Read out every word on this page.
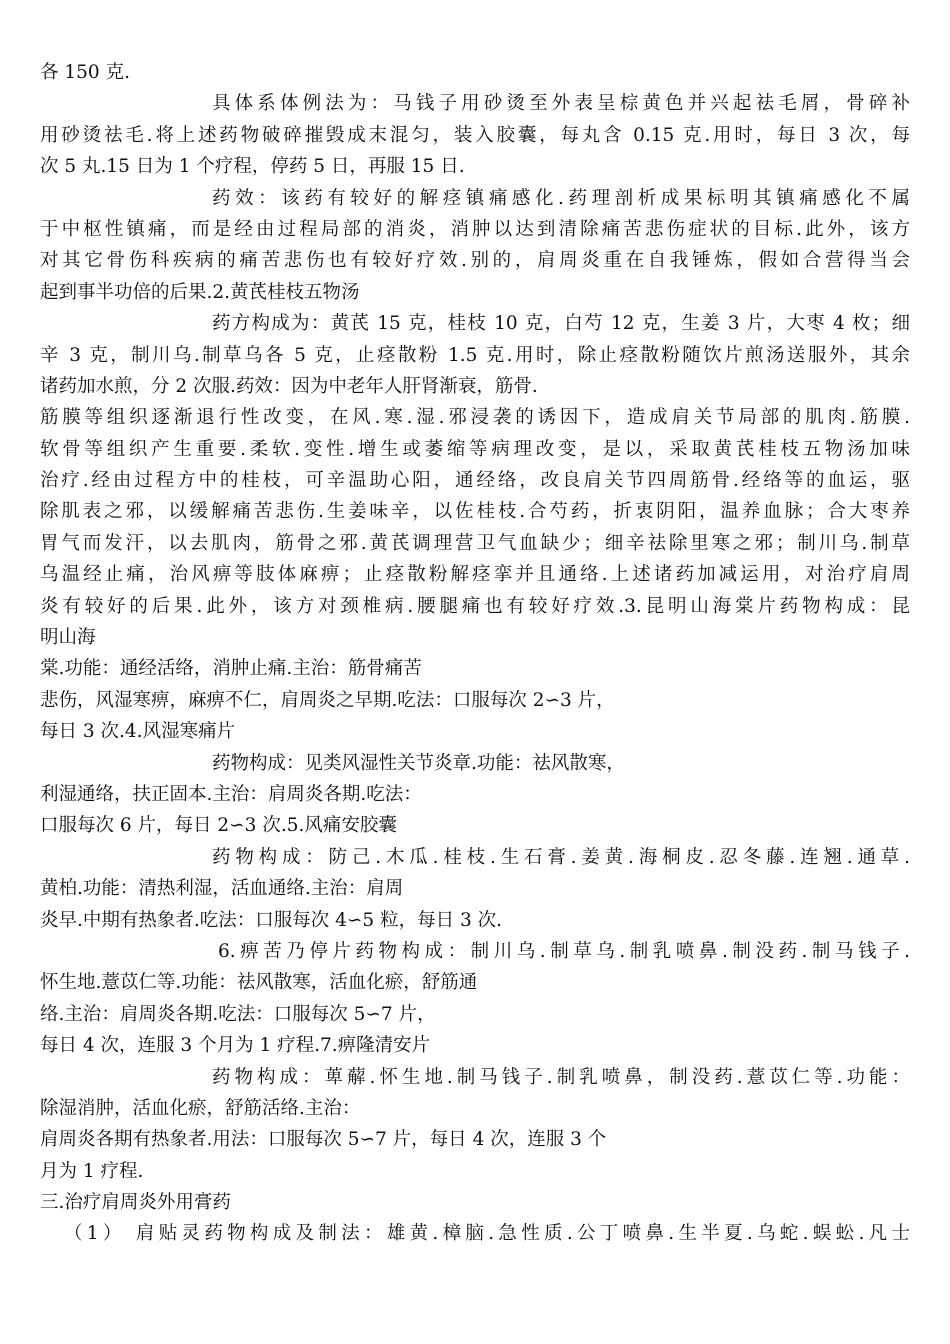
各 150 克.
具体系体例法为：马钱子用砂烫至外表呈棕黄色并兴起祛毛屑，骨碎补
用砂烫祛毛.将上述药物破碎摧毁成末混匀，装入胶囊，每丸含 0.15 克.用时，每日 3 次，每
次 5 丸.15 日为 1 个疗程，停药 5 日，再服 15 日.
药效：该药有较好的解痉镇痛感化.药理剖析成果标明其镇痛感化不属
于中枢性镇痛，而是经由过程局部的消炎，消肿以达到清除痛苦悲伤症状的目标.此外，该方
对其它骨伤科疾病的痛苦悲伤也有较好疗效.别的，肩周炎重在自我锤炼，假如合营得当会
起到事半功倍的后果.2.黄芪桂枝五物汤
药方构成为：黄芪 15 克，桂枝 10 克，白芍 12 克，生姜 3 片，大枣 4 枚；细
辛 3 克，制川乌.制草乌各 5 克，止痉散粉 1.5 克.用时，除止痉散粉随饮片煎汤送服外，其余
诸药加水煎，分 2 次服.药效：因为中老年人肝肾渐衰，筋骨.
筋膜等组织逐渐退行性改变，在风.寒.湿.邪浸袭的诱因下，造成肩关节局部的肌肉.筋膜.
软骨等组织产生重要.柔软.变性.增生或萎缩等病理改变，是以，采取黄芪桂枝五物汤加味
治疗.经由过程方中的桂枝，可辛温助心阳，通经络，改良肩关节四周筋骨.经络等的血运，驱
除肌表之邪，以缓解痛苦悲伤.生姜味辛，以佐桂枝.合芍药，折衷阴阳，温养血脉；合大枣养
胃气而发汗，以去肌肉，筋骨之邪.黄芪调理营卫气血缺少；细辛祛除里寒之邪；制川乌.制草
乌温经止痛，治风痹等肢体麻痹；止痉散粉解痉挛并且通络.上述诸药加减运用，对治疗肩周
炎有较好的后果.此外，该方对颈椎病.腰腿痛也有较好疗效.3.昆明山海棠片药物构成：昆
明山海
棠.功能：通经活络，消肿止痛.主治：筋骨痛苦
悲伤，风湿寒痹，麻痹不仁，肩周炎之早期.吃法：口服每次 2∽3 片，
每日 3 次.4.风湿寒痛片
药物构成：见类风湿性关节炎章.功能：祛风散寒，
利湿通络，扶正固本.主治：肩周炎各期.吃法：
口服每次 6 片，每日 2∽3 次.5.风痛安胶囊
药物构成：防己.木瓜.桂枝.生石膏.姜黄.海桐皮.忍冬藤.连翘.通草.
黄柏.功能：清热利湿，活血通络.主治：肩周
炎早.中期有热象者.吃法：口服每次 4∽5 粒，每日 3 次.
6.痹苦乃停片药物构成：制川乌.制草乌.制乳喷鼻.制没药.制马钱子.
怀生地.薏苡仁等.功能：祛风散寒，活血化瘀，舒筋通
络.主治：肩周炎各期.吃法：口服每次 5∽7 片，
每日 4 次，连服 3 个月为 1 疗程.7.痹隆清安片
药物构成：萆薢.怀生地.制马钱子.制乳喷鼻，制没药.薏苡仁等.功能：
除湿消肿，活血化瘀，舒筋活络.主治：
肩周炎各期有热象者.用法：口服每次 5∽7 片，每日 4 次，连服 3 个
月为 1 疗程.
三.治疗肩周炎外用膏药
（1） 肩贴灵药物构成及制法：雄黄.樟脑.急性质.公丁喷鼻.生半夏.乌蛇.蜈蚣.凡士
